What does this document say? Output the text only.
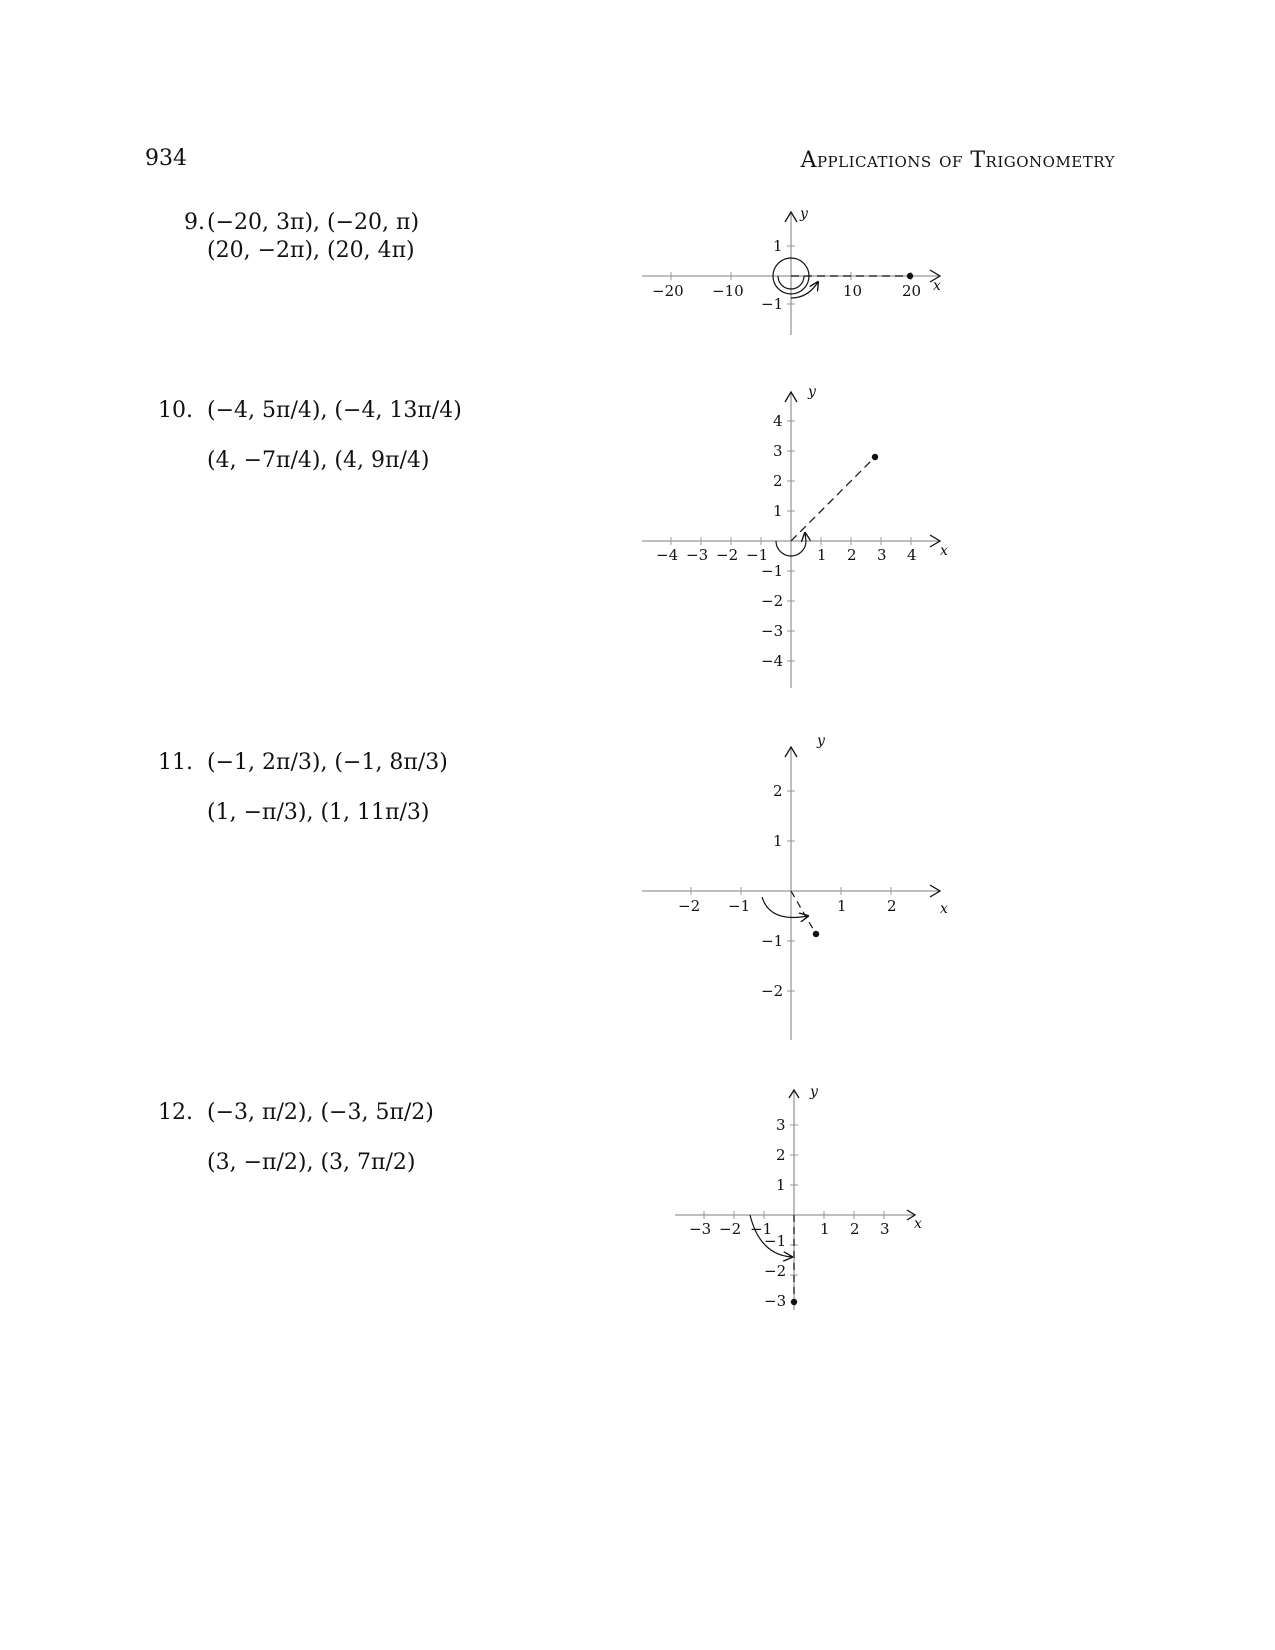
934	Applications of Trigonometry
9. (−20, 3π), (−20, π)
(20, −2π), (20, 4π)
−20 −10	10	20
1
−1
x
y
10. (−4, 5π/4), (−4, 13π/4)
(4, −7π/4), (4, 9π/4)
−4 −3 −2 −1	1 2 3 4
4
3
2
1
−1
−2
−3
−4
x
y
11. (−1, 2π/3), (−1, 8π/3)
(1, −π/3), (1, 11π/3)
−2 −1	1	2
2
1
−1
−2
x
y
12. (−3, π/2), (−3, 5π/2)
(3, −π/2), (3, 7π/2)
−3 −2 −1	1 2 3
3
2
1
−1
−2
−3
x
y
